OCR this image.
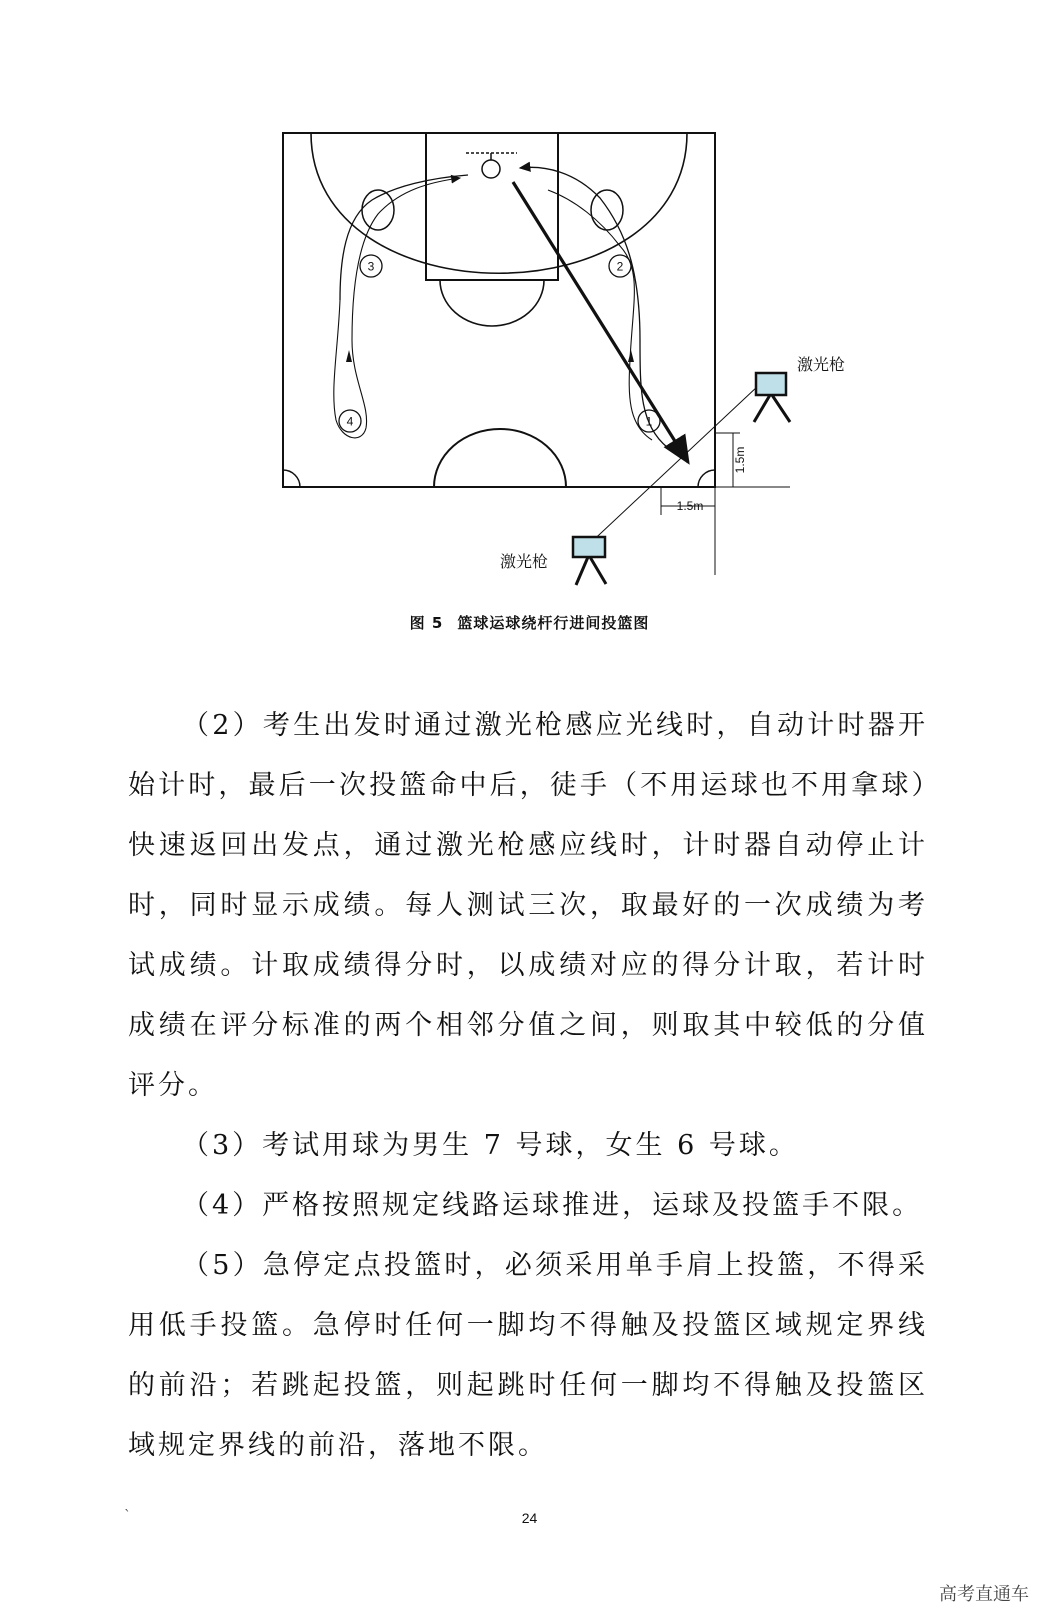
1
2
3
4
1.5m
1.5m
激光枪
激光枪
图 5 篮球运球绕杆行进间投篮图

（2）考生出发时通过激光枪感应光线时，自动计时器开始计时，最后一次投篮命中后，徒手（不用运球也不用拿球）快速返回出发点，通过激光枪感应线时，计时器自动停止计时，同时显示成绩。每人测试三次，取最好的一次成绩为考试成绩。计取成绩得分时，以成绩对应的得分计取，若计时成绩在评分标准的两个相邻分值之间，则取其中较低的分值评分。

（3）考试用球为男生 7 号球，女生 6 号球。

（4）严格按照规定线路运球推进，运球及投篮手不限。

（5）急停定点投篮时，必须采用单手肩上投篮，不得采用低手投篮。急停时任何一脚均不得触及投篮区域规定界线的前沿；若跳起投篮，则起跳时任何一脚均不得触及投篮区域规定界线的前沿，落地不限。

`	24
高考直通车
